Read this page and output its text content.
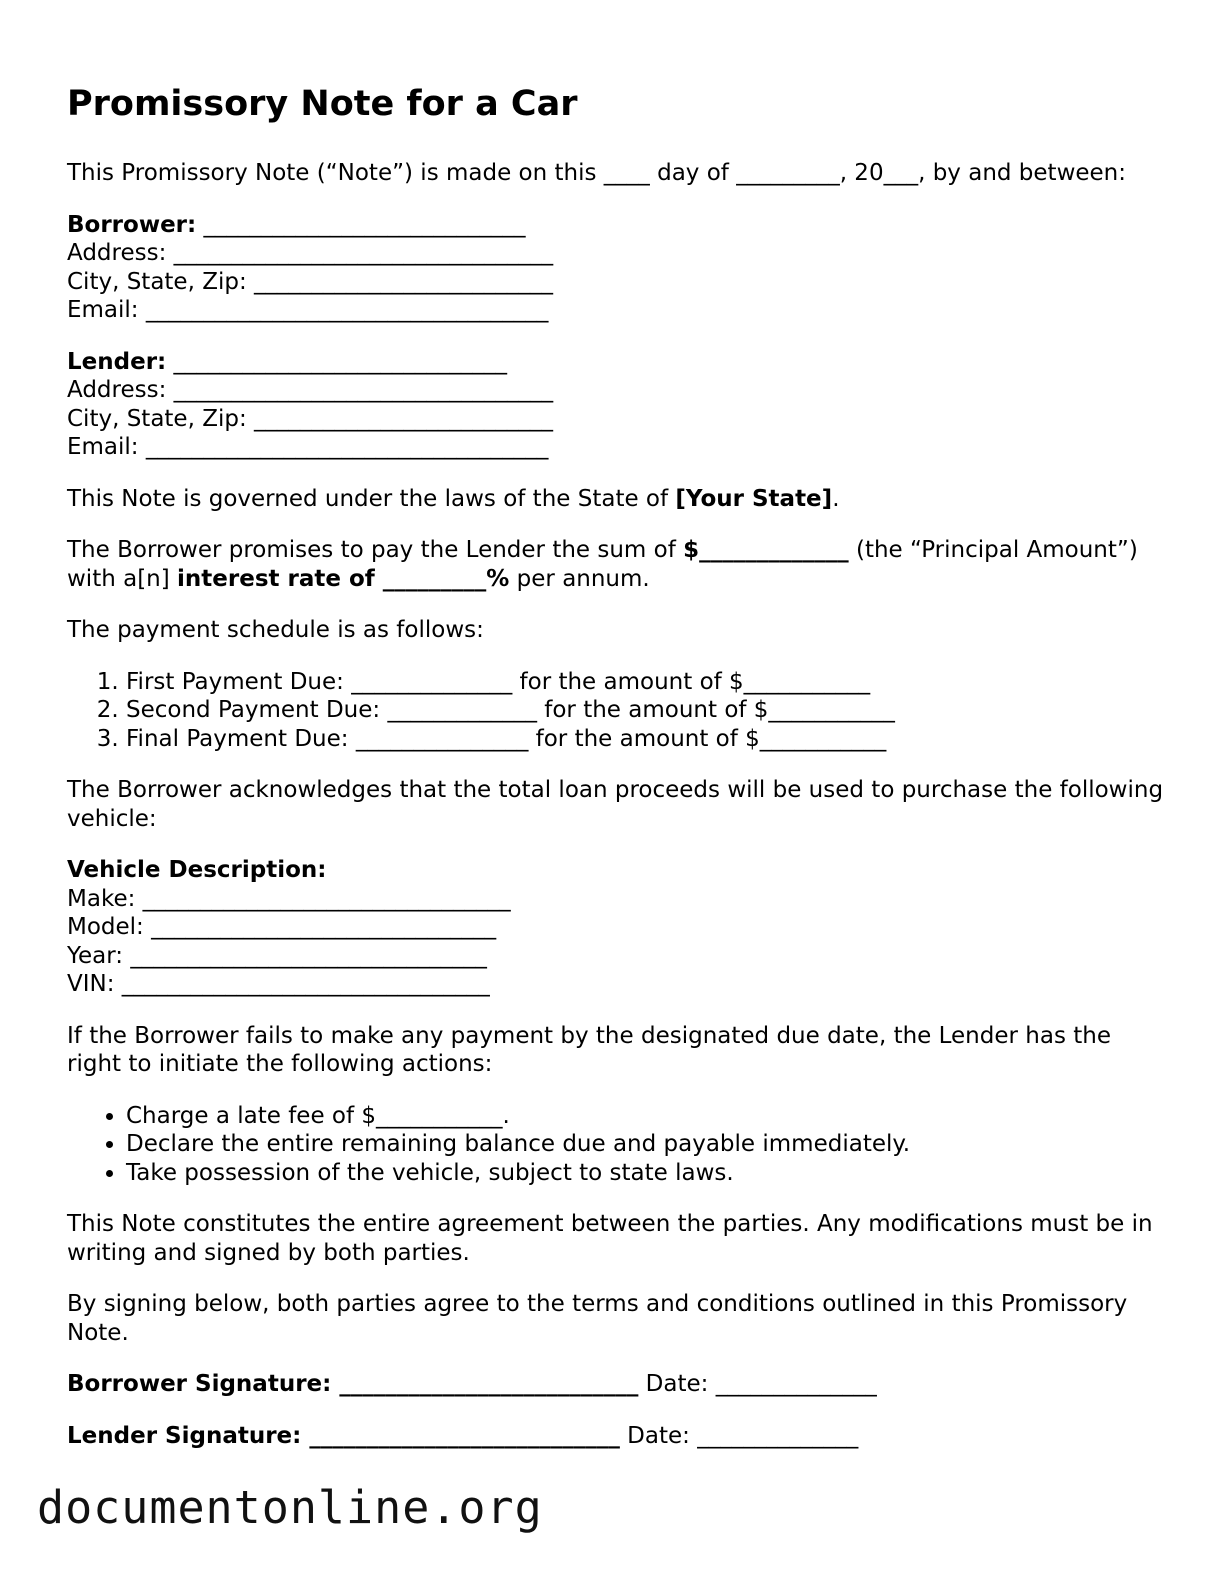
Promissory Note for a Car

This Promissory Note (“Note”) is made on this ____ day of _________, 20___, by and between:

Borrower: ____________________________
Address: _________________________________
City, State, Zip: __________________________
Email: ___________________________________
Lender: _____________________________
Address: _________________________________
City, State, Zip: __________________________
Email: ___________________________________

This Note is governed under the laws of the State of [Your State].

The Borrower promises to pay the Lender the sum of $_____________ (the “Principal Amount”) with a[n] interest rate of _________% per annum.

The payment schedule is as follows:

1. First Payment Due: ______________ for the amount of $___________
2. Second Payment Due: _____________ for the amount of $___________
3. Final Payment Due: _______________ for the amount of $___________

The Borrower acknowledges that the total loan proceeds will be used to purchase the following vehicle:

Vehicle Description:
Make: ________________________________
Model: ______________________________
Year: _______________________________
VIN: ________________________________

If the Borrower fails to make any payment by the designated due date, the Lender has the right to initiate the following actions:

• Charge a late fee of $___________.
• Declare the entire remaining balance due and payable immediately.
• Take possession of the vehicle, subject to state laws.

This Note constitutes the entire agreement between the parties. Any modifications must be in writing and signed by both parties.

By signing below, both parties agree to the terms and conditions outlined in this Promissory Note.

Borrower Signature: __________________________ Date: ______________
Lender Signature: ___________________________ Date: ______________
documentonline.org
